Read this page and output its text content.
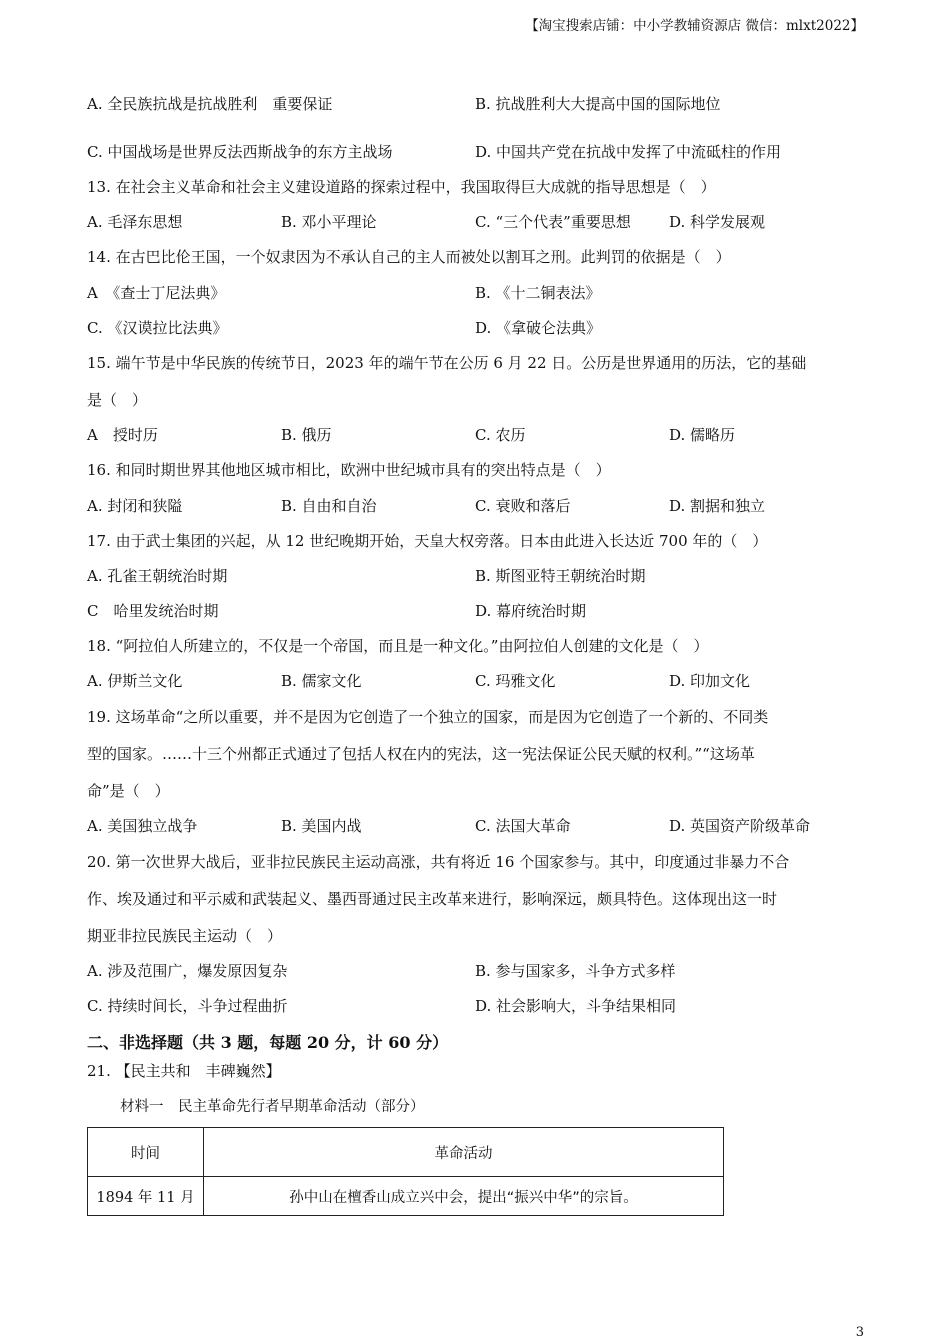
【淘宝搜索店铺：中小学教辅资源店 微信：mlxt2022】
A. 全民族抗战是抗战胜利　重要保证	B. 抗战胜利大大提高中国的国际地位
C. 中国战场是世界反法西斯战争的东方主战场	D. 中国共产党在抗战中发挥了中流砥柱的作用
13. 在社会主义革命和社会主义建设道路的探索过程中，我国取得巨大成就的指导思想是（　）
A. 毛泽东思想	B. 邓小平理论	C. “三个代表”重要思想	D. 科学发展观
14. 在古巴比伦王国，一个奴隶因为不承认自己的主人而被处以割耳之刑。此判罚的依据是（　）
A　《查士丁尼法典》	B. 《十二铜表法》
C. 《汉谟拉比法典》	D. 《拿破仑法典》
15. 端午节是中华民族的传统节日，2023 年的端午节在公历 6 月 22 日。公历是世界通用的历法，它的基础
是（　）
A　授时历	B. 俄历	C. 农历	D. 儒略历
16. 和同时期世界其他地区城市相比，欧洲中世纪城市具有的突出特点是（　）
A. 封闭和狭隘	B. 自由和自治	C. 衰败和落后	D. 割据和独立
17. 由于武士集团的兴起，从 12 世纪晚期开始，天皇大权旁落。日本由此进入长达近 700 年的（　）
A. 孔雀王朝统治时期	B. 斯图亚特王朝统治时期
C　哈里发统治时期	D. 幕府统治时期
18. “阿拉伯人所建立的，不仅是一个帝国，而且是一种文化。”由阿拉伯人创建的文化是（　）
A. 伊斯兰文化	B. 儒家文化	C. 玛雅文化	D. 印加文化
19. 这场革命“之所以重要，并不是因为它创造了一个独立的国家，而是因为它创造了一个新的、不同类
型的国家。……十三个州都正式通过了包括人权在内的宪法，这一宪法保证公民天赋的权利。”“这场革
命”是（　）
A. 美国独立战争	B. 美国内战	C. 法国大革命	D. 英国资产阶级革命
20. 第一次世界大战后，亚非拉民族民主运动高涨，共有将近 16 个国家参与。其中，印度通过非暴力不合
作、埃及通过和平示威和武装起义、墨西哥通过民主改革来进行，影响深远，颇具特色。这体现出这一时
期亚非拉民族民主运动（　）
A. 涉及范围广，爆发原因复杂	B. 参与国家多，斗争方式多样
C. 持续时间长，斗争过程曲折	D. 社会影响大，斗争结果相同
二、非选择题（共 3 题，每题 20 分，计 60 分）
21. 【民主共和　丰碑巍然】
材料一　民主革命先行者早期革命活动（部分）
时间	革命活动
1894 年 11 月	孙中山在檀香山成立兴中会，提出“振兴中华”的宗旨。
3
